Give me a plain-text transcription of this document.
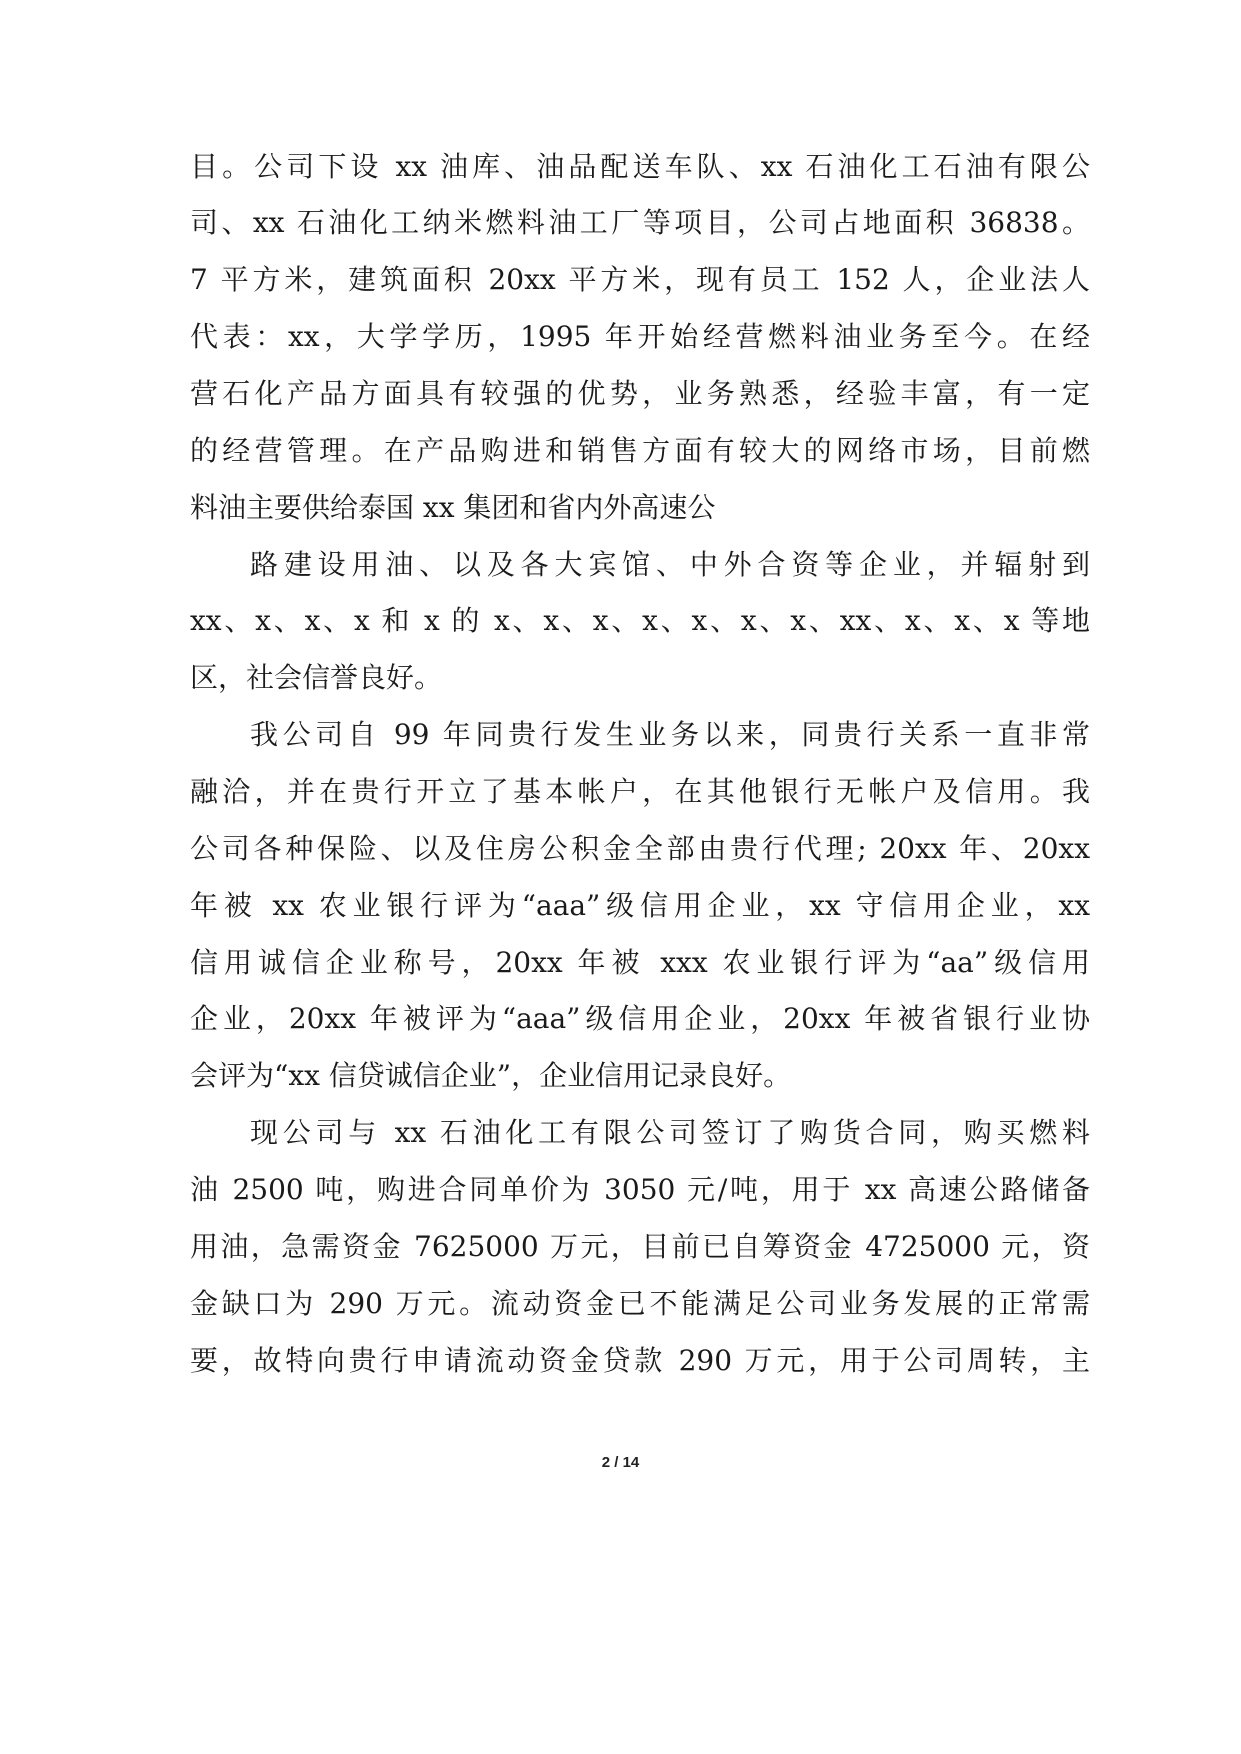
目。公司下设 xx 油库、油品配送车队、xx 石油化工石油有限公
司、xx 石油化工纳米燃料油工厂等项目，公司占地面积 36838。
7 平方米，建筑面积 20xx 平方米，现有员工 152 人，企业法人
代表：xx，大学学历，1995 年开始经营燃料油业务至今。在经
营石化产品方面具有较强的优势，业务熟悉，经验丰富，有一定
的经营管理。在产品购进和销售方面有较大的网络市场，目前燃
料油主要供给泰国 xx 集团和省内外高速公
路建设用油、以及各大宾馆、中外合资等企业，并辐射到
xx、x、x、x 和 x 的 x、x、x、x、x、x、x、xx、x、x、x 等地
区，社会信誉良好。
我公司自 99 年同贵行发生业务以来，同贵行关系一直非常
融洽，并在贵行开立了基本帐户，在其他银行无帐户及信用。我
公司各种保险、以及住房公积金全部由贵行代理; 20xx 年、20xx
年被 xx 农业银行评为“aaa”级信用企业，xx 守信用企业，xx
信用诚信企业称号，20xx 年被 xxx 农业银行评为“aa”级信用
企业，20xx 年被评为“aaa”级信用企业，20xx 年被省银行业协
会评为“xx 信贷诚信企业”，企业信用记录良好。
现公司与 xx 石油化工有限公司签订了购货合同，购买燃料
油 2500 吨，购进合同单价为 3050 元/吨，用于 xx 高速公路储备
用油，急需资金 7625000 万元，目前已自筹资金 4725000 元，资
金缺口为 290 万元。流动资金已不能满足公司业务发展的正常需
要，故特向贵行申请流动资金贷款 290 万元，用于公司周转，主
2 / 14
